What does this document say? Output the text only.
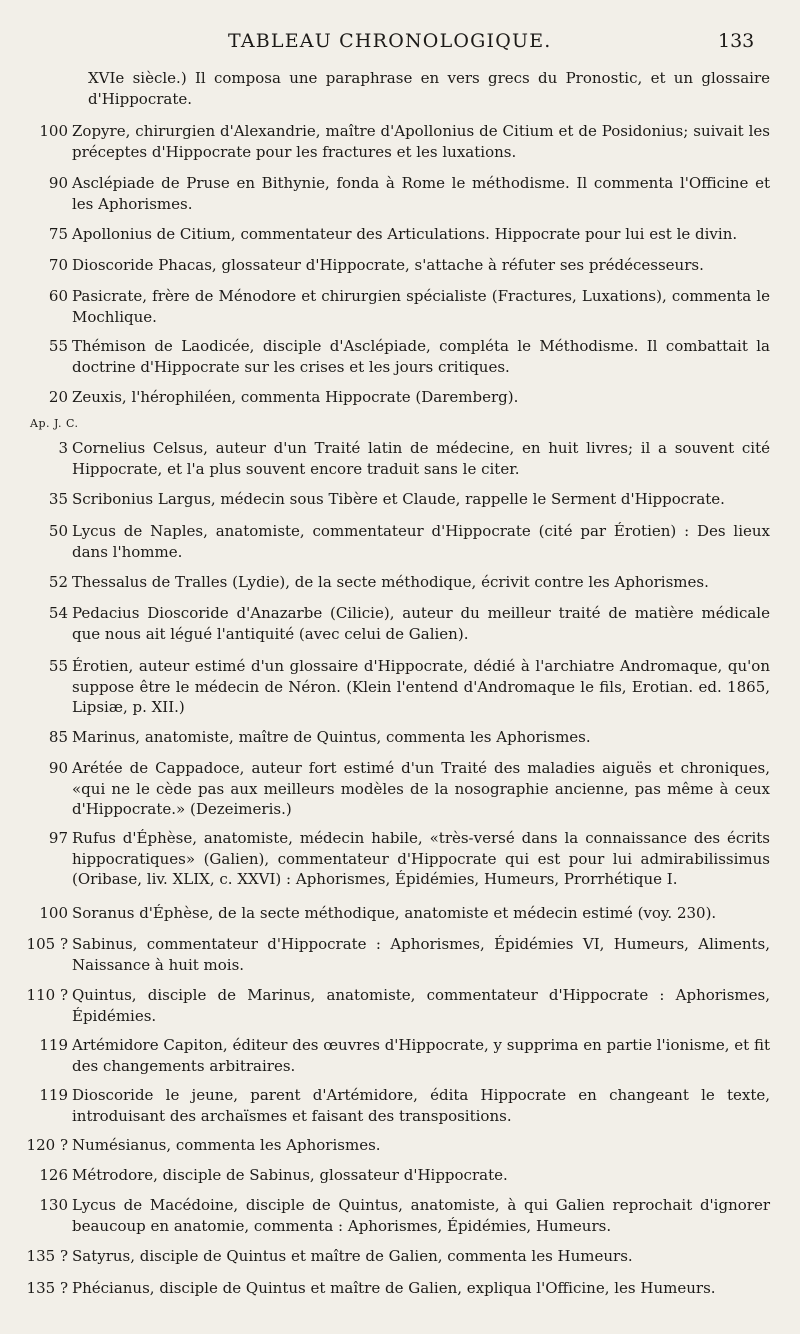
TABLEAU CHRONOLOGIQUE.	133
Ap. J. C.
XVIe siècle.) Il composa une paraphrase en vers grecs du Pronostic, et un glossaire d'Hippocrate.
100 Zopyre, chirurgien d'Alexandrie, maître d'Apollonius de Citium et de Posidonius; suivait les préceptes d'Hippocrate pour les fractures et les luxations.
90 Asclépiade de Pruse en Bithynie, fonda à Rome le méthodisme. Il commenta l'Officine et les Aphorismes.
75 Apollonius de Citium, commentateur des Articulations. Hippocrate pour lui est le divin.
70 Dioscoride Phacas, glossateur d'Hippocrate, s'attache à réfuter ses prédécesseurs.
60 Pasicrate, frère de Ménodore et chirurgien spécialiste (Fractures, Luxations), commenta le Mochlique.
55 Thémison de Laodicée, disciple d'Asclépiade, compléta le Méthodisme. Il combattait la doctrine d'Hippocrate sur les crises et les jours critiques.
20 Zeuxis, l'hérophiléen, commenta Hippocrate (Daremberg).
3 Cornelius Celsus, auteur d'un Traité latin de médecine, en huit livres; il a souvent cité Hippocrate, et l'a plus souvent encore traduit sans le citer.
35 Scribonius Largus, médecin sous Tibère et Claude, rappelle le Serment d'Hippocrate.
50 Lycus de Naples, anatomiste, commentateur d'Hippocrate (cité par Érotien) : Des lieux dans l'homme.
52 Thessalus de Tralles (Lydie), de la secte méthodique, écrivit contre les Aphorismes.
54 Pedacius Dioscoride d'Anazarbe (Cilicie), auteur du meilleur traité de matière médicale que nous ait légué l'antiquité (avec celui de Galien).
55 Érotien, auteur estimé d'un glossaire d'Hippocrate, dédié à l'archiatre Andromaque, qu'on suppose être le médecin de Néron. (Klein l'entend d'Andromaque le fils, Erotian. ed. 1865, Lipsiæ, p. XII.)
85 Marinus, anatomiste, maître de Quintus, commenta les Aphorismes.
90 Arétée de Cappadoce, auteur fort estimé d'un Traité des maladies aiguës et chroniques, «qui ne le cède pas aux meilleurs modèles de la nosographie ancienne, pas même à ceux d'Hippocrate.» (Dezeimeris.)
97 Rufus d'Éphèse, anatomiste, médecin habile, «très-versé dans la connaissance des écrits hippocratiques» (Galien), commentateur d'Hippocrate qui est pour lui admirabilissimus (Oribase, liv. XLIX, c. XXVI) : Aphorismes, Épidémies, Humeurs, Prorrhétique I.
100 Soranus d'Éphèse, de la secte méthodique, anatomiste et médecin estimé (voy. 230).
105 ? Sabinus, commentateur d'Hippocrate : Aphorismes, Épidémies VI, Humeurs, Aliments, Naissance à huit mois.
110 ? Quintus, disciple de Marinus, anatomiste, commentateur d'Hippocrate : Aphorismes, Épidémies.
119 Artémidore Capiton, éditeur des œuvres d'Hippocrate, y supprima en partie l'ionisme, et fit des changements arbitraires.
119 Dioscoride le jeune, parent d'Artémidore, édita Hippocrate en changeant le texte, introduisant des archaïsmes et faisant des transpositions.
120 ? Numésianus, commenta les Aphorismes.
126 Métrodore, disciple de Sabinus, glossateur d'Hippocrate.
130 Lycus de Macédoine, disciple de Quintus, anatomiste, à qui Galien reprochait d'ignorer beaucoup en anatomie, commenta : Aphorismes, Épidémies, Humeurs.
135 ? Satyrus, disciple de Quintus et maître de Galien, commenta les Humeurs.
135 ? Phécianus, disciple de Quintus et maître de Galien, expliqua l'Officine, les Humeurs.
